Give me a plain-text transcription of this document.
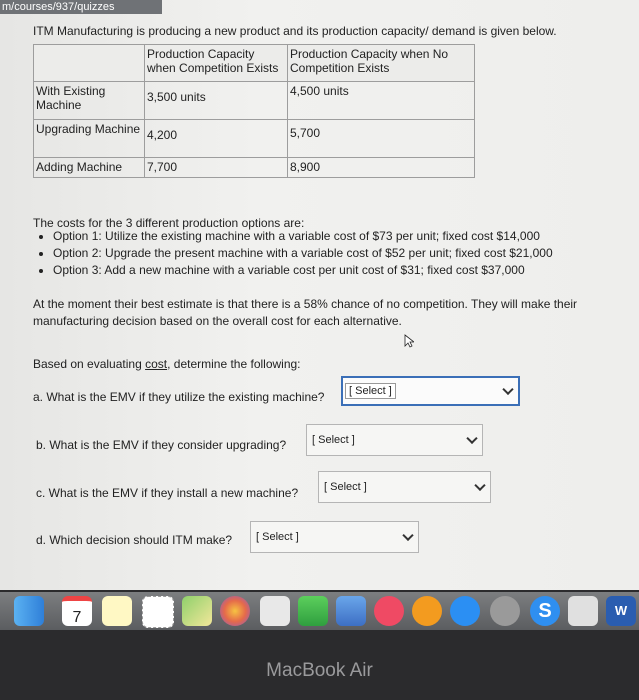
m/courses/937/quizzes
ITM Manufacturing is producing a new product and its production capacity/ demand is given below.
	Production Capacity when Competition Exists	Production Capacity when No Competition Exists
With Existing Machine	3,500 units	4,500 units
Upgrading Machine	4,200	5,700
Adding Machine	7,700	8,900
The costs for the 3 different production options are:
• Option 1: Utilize the existing machine with a variable cost of $73 per unit; fixed cost $14,000
• Option 2: Upgrade the present machine with a variable cost of $52 per unit; fixed cost $21,000
• Option 3: Add a new machine with a variable cost per unit cost of $31; fixed cost $37,000
At the moment their best estimate is that there is a 58% chance of no competition. They will make their manufacturing decision based on the overall cost for each alternative.
Based on evaluating cost, determine the following:
a. What is the EMV if they utilize the existing machine?	[ Select ]
b. What is the EMV if they consider upgrading? [ Select ]
c. What is the EMV if they install a new machine? [ Select ]
d. Which decision should ITM make? [ Select ]
7	S	W
MacBook Air
